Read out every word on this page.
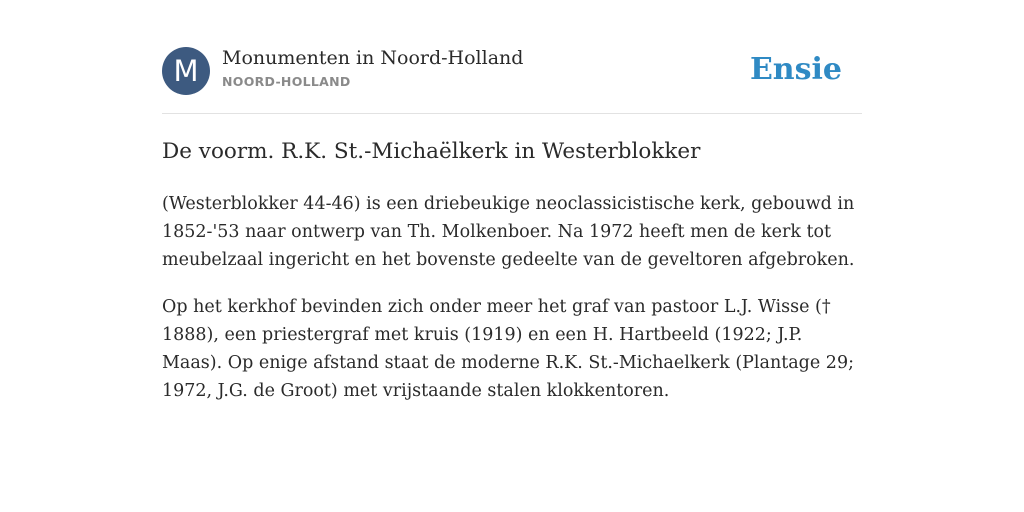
M	Monumenten in Noord-Holland
NOORD-HOLLAND	Ensie
De voorm. R.K. St.-Michaëlkerk in Westerblokker

(Westerblokker 44-46) is een driebeukige neoclassicistische kerk, gebouwd in 1852-'53 naar ontwerp van Th. Molkenboer. Na 1972 heeft men de kerk tot meubelzaal ingericht en het bovenste gedeelte van de geveltoren afgebroken.

Op het kerkhof bevinden zich onder meer het graf van pastoor L.J. Wisse († 1888), een priestergraf met kruis (1919) en een H. Hartbeeld (1922; J.P. Maas). Op enige afstand staat de moderne R.K. St.-Michaelkerk (Plantage 29; 1972, J.G. de Groot) met vrijstaande stalen klokkentoren.
